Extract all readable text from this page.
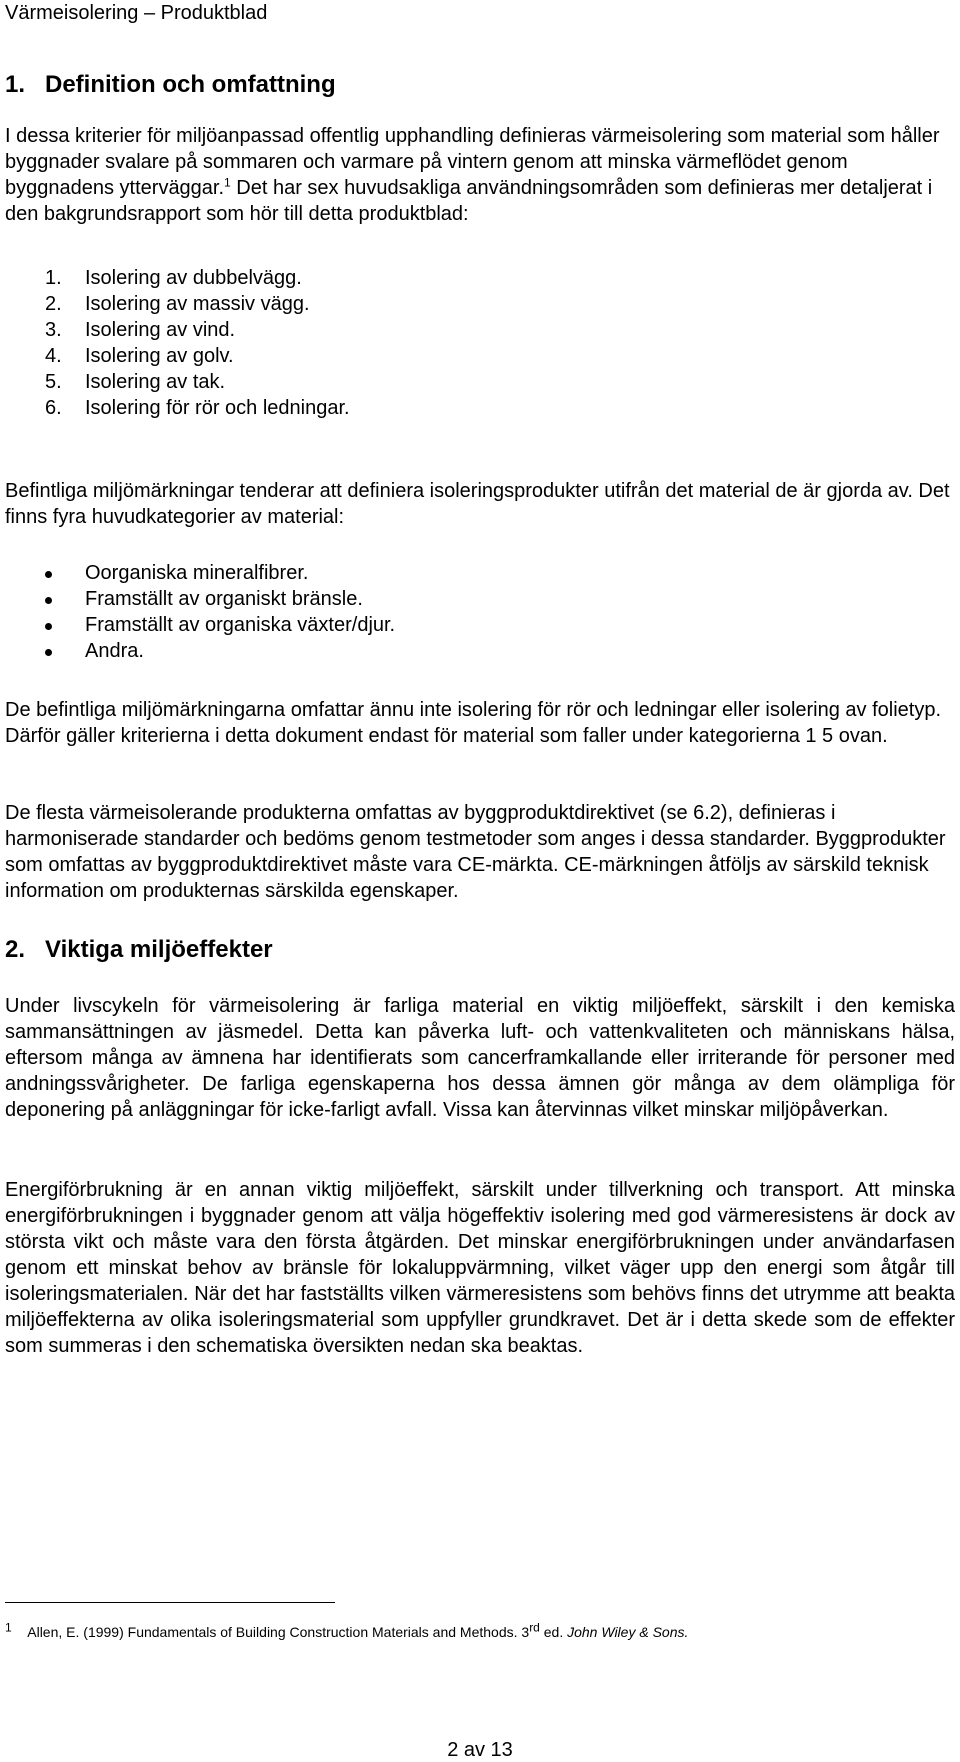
Värmeisolering – Produktblad
1. Definition och omfattning
I dessa kriterier för miljöanpassad offentlig upphandling definieras värmeisolering som material som håller byggnader svalare på sommaren och varmare på vintern genom att minska värmeflödet genom byggnadens ytterväggar.$^1$ Det har sex huvudsakliga användningsområden som definieras mer detaljerat i den bakgrundsrapport som hör till detta produktblad:
1. Isolering av dubbelvägg.
2. Isolering av massiv vägg.
3. Isolering av vind.
4. Isolering av golv.
5. Isolering av tak.
6. Isolering för rör och ledningar.
Befintliga miljömärkningar tenderar att definiera isoleringsprodukter utifrån det material de är gjorda av. Det finns fyra huvudkategorier av material:
Oorganiska mineralfibrer.
Framställt av organiskt bränsle.
Framställt av organiska växter/djur.
Andra.
De befintliga miljömärkningarna omfattar ännu inte isolering för rör och ledningar eller isolering av folietyp. Därför gäller kriterierna i detta dokument endast för material som faller under kategorierna 1 5 ovan.
De flesta värmeisolerande produkterna omfattas av byggproduktdirektivet (se 6.2), definieras i harmoniserade standarder och bedöms genom testmetoder som anges i dessa standarder. Byggprodukter som omfattas av byggproduktdirektivet måste vara CE-märkta. CE-märkningen åtföljs av särskild teknisk information om produkternas särskilda egenskaper.
2. Viktiga miljöeffekter
Under livscykeln för värmeisolering är farliga material en viktig miljöeffekt, särskilt i den kemiska sammansättningen av jäsmedel. Detta kan påverka luft- och vattenkvaliteten och människans hälsa, eftersom många av ämnena har identifierats som cancerframkallande eller irriterande för personer med andningssvårigheter. De farliga egenskaperna hos dessa ämnen gör många av dem olämpliga för deponering på anläggningar för icke-farligt avfall. Vissa kan återvinnas vilket minskar miljöpåverkan.
Energiförbrukning är en annan viktig miljöeffekt, särskilt under tillverkning och transport. Att minska energiförbrukningen i byggnader genom att välja högeffektiv isolering med god värmeresistens är dock av största vikt och måste vara den första åtgärden. Det minskar energiförbrukningen under användarfasen genom ett minskat behov av bränsle för lokaluppvärmning, vilket väger upp den energi som åtgår till isoleringsmaterialen. När det har fastställts vilken värmeresistens som behövs finns det utrymme att beakta miljöeffekterna av olika isoleringsmaterial som uppfyller grundkravet. Det är i detta skede som de effekter som summeras i den schematiska översikten nedan ska beaktas.
$^1$ Allen, E. (1999) Fundamentals of Building Construction Materials and Methods. 3rd ed. John Wiley & Sons.
2 av 13
